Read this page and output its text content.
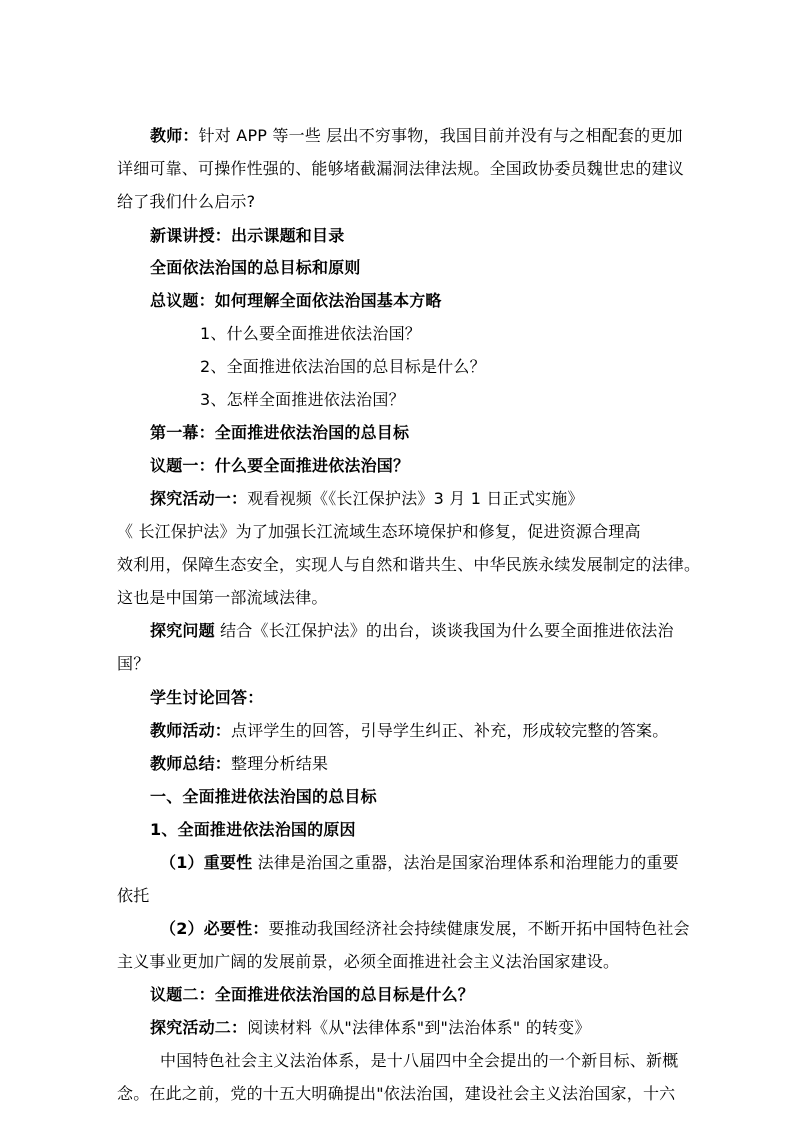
教师：针对 APP 等一些 层出不穷事物，我国目前并没有与之相配套的更加
详细可靠、可操作性强的、能够堵截漏洞法律法规。全国政协委员魏世忠的建议
给了我们什么启示?
新课讲授：出示课题和目录
全面依法治国的总目标和原则
总议题：如何理解全面依法治国基本方略
1、什么要全面推进依法治国？
2、全面推进依法治国的总目标是什么？
3、怎样全面推进依法治国？
第一幕：全面推进依法治国的总目标
议题一：什么要全面推进依法治国？
探究活动一：观看视频《《长江保护法》3 月 1 日正式实施》
《 长江保护法》为了加强长江流域生态环境保护和修复，促进资源合理高
效利用，保障生态安全，实现人与自然和谐共生、中华民族永续发展制定的法律。
这也是中国第一部流域法律。
探究问题 结合《长江保护法》的出台，谈谈我国为什么要全面推进依法治
国？
学生讨论回答：
教师活动：点评学生的回答，引导学生纠正、补充，形成较完整的答案。
教师总结：整理分析结果
一、全面推进依法治国的总目标
1、全面推进依法治国的原因
（1）重要性 法律是治国之重器，法治是国家治理体系和治理能力的重要
依托
（2）必要性：要推动我国经济社会持续健康发展，不断开拓中国特色社会
主义事业更加广阔的发展前景，必须全面推进社会主义法治国家建设。
议题二：全面推进依法治国的总目标是什么？
探究活动二：阅读材料《从"法律体系"到"法治体系" 的转变》
中国特色社会主义法治体系，是十八届四中全会提出的一个新目标、新概
念。在此之前，党的十五大明确提出"依法治国，建设社会主义法治国家，十六
